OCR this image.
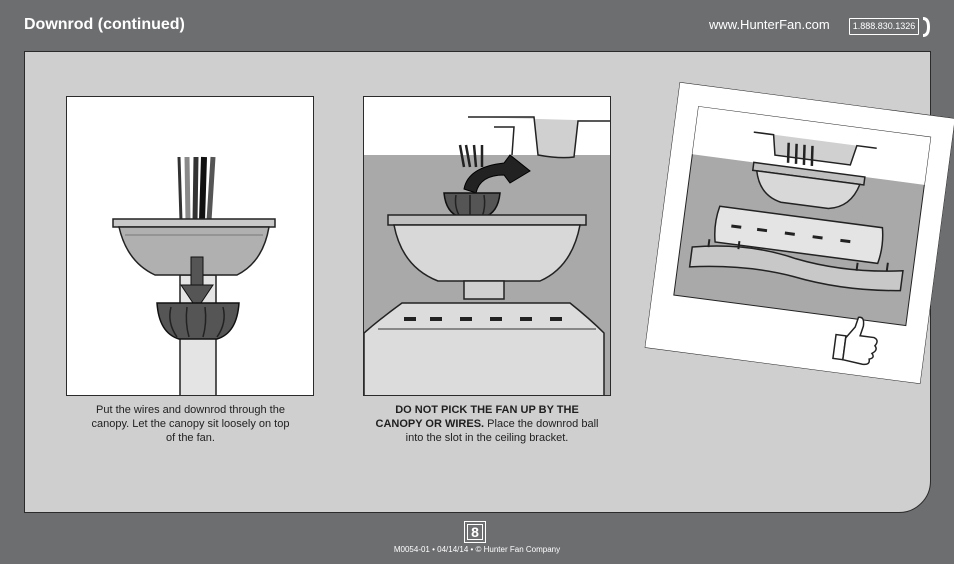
Downrod (continued)	www.HunterFan.com	1.888.830.1326
Put the wires and downrod through the canopy. Let the canopy sit loosely on top of the fan.
DO NOT PICK THE FAN UP BY THE CANOPY OR WIRES. Place the downrod ball into the slot in the ceiling bracket.
8
M0054-01 • 04/14/14 • © Hunter Fan Company
